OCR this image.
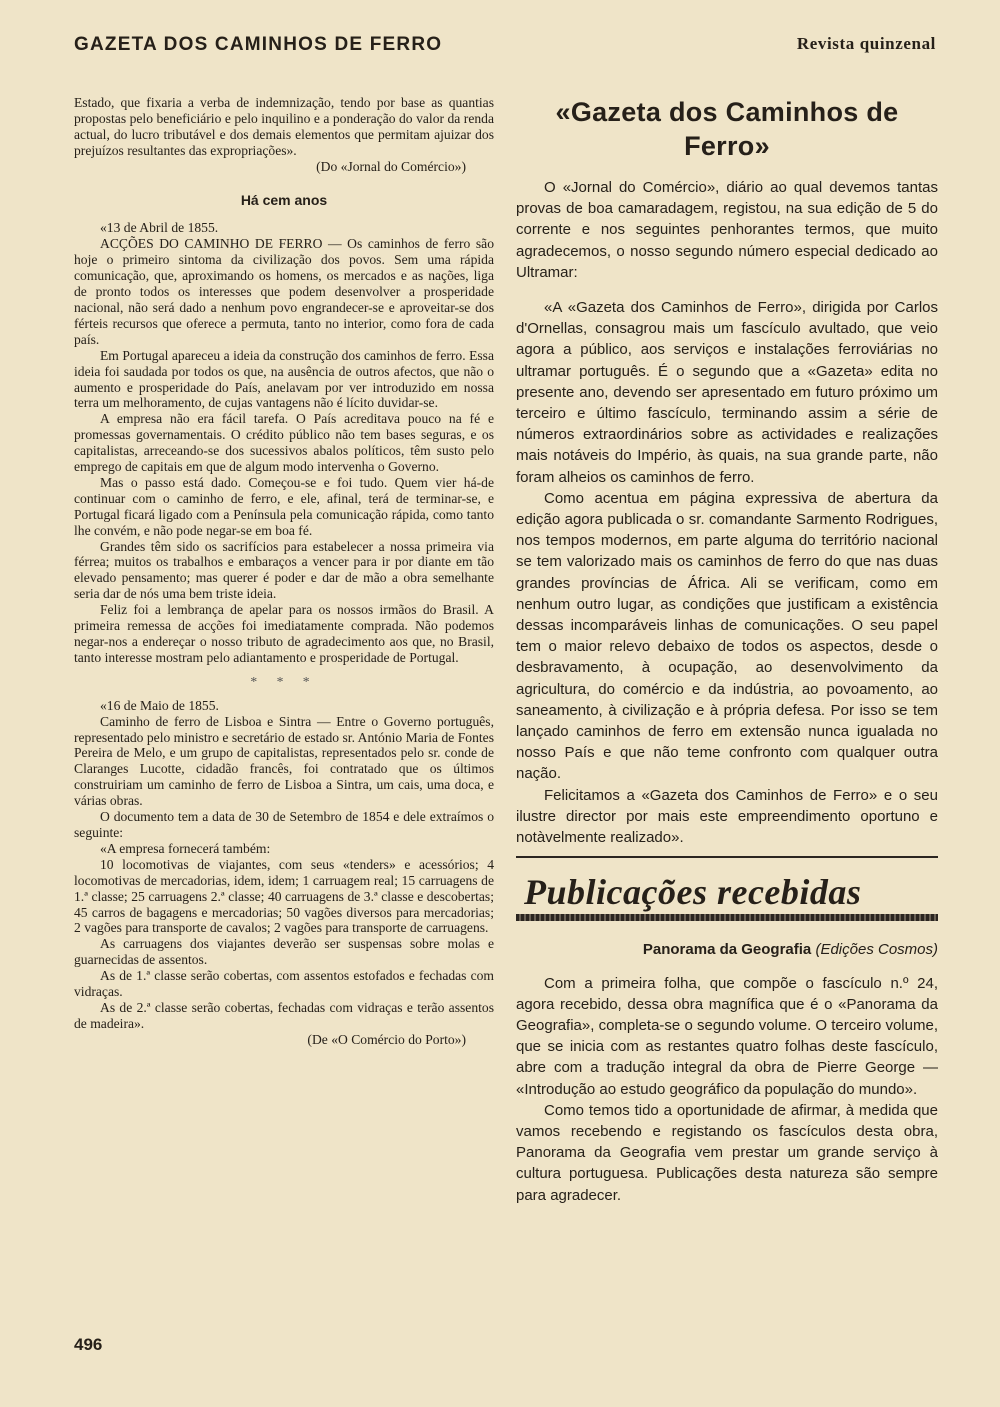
GAZETA DOS CAMINHOS DE FERRO	Revista quinzenal

Estado, que fixaria a verba de indemnização, tendo por base as quantias propostas pelo beneficiário e pelo inquilino e a ponderação do valor da renda actual, do lucro tributável e dos demais elementos que permitam ajuizar dos prejuízos resultantes das expropriações».

(Do «Jornal do Comércio»)

Há cem anos

«13 de Abril de 1855.

ACÇÕES DO CAMINHO DE FERRO — Os caminhos de ferro são hoje o primeiro sintoma da civilização dos povos. Sem uma rápida comunicação, que, aproximando os homens, os mercados e as nações, liga de pronto todos os interesses que podem desenvolver a prosperidade nacional, não será dado a nenhum povo engrandecer-se e aproveitar-se dos férteis recursos que oferece a permuta, tanto no interior, como fora de cada país.

Em Portugal apareceu a ideia da construção dos caminhos de ferro. Essa ideia foi saudada por todos os que, na ausência de outros afectos, que não o aumento e prosperidade do País, anelavam por ver introduzido em nossa terra um melhoramento, de cujas vantagens não é lícito duvidar-se.

A empresa não era fácil tarefa. O País acreditava pouco na fé e promessas governamentais. O crédito público não tem bases seguras, e os capitalistas, arreceando-se dos sucessivos abalos políticos, têm susto pelo emprego de capitais em que de algum modo intervenha o Governo.

Mas o passo está dado. Começou-se e foi tudo. Quem vier há-de continuar com o caminho de ferro, e ele, afinal, terá de terminar-se, e Portugal ficará ligado com a Península pela comunicação rápida, como tanto lhe convém, e não pode negar-se em boa fé.

Grandes têm sido os sacrifícios para estabelecer a nossa primeira via férrea; muitos os trabalhos e embaraços a vencer para ir por diante em tão elevado pensamento; mas querer é poder e dar de mão a obra semelhante seria dar de nós uma bem triste ideia.

Feliz foi a lembrança de apelar para os nossos irmãos do Brasil. A primeira remessa de acções foi imediatamente comprada. Não podemos negar-nos a endereçar o nosso tributo de agradecimento aos que, no Brasil, tanto interesse mostram pelo adiantamento e prosperidade de Portugal.

* * *

«16 de Maio de 1855.

Caminho de ferro de Lisboa e Sintra — Entre o Governo português, representado pelo ministro e secretário de estado sr. António Maria de Fontes Pereira de Melo, e um grupo de capitalistas, representados pelo sr. conde de Claranges Lucotte, cidadão francês, foi contratado que os últimos construiriam um caminho de ferro de Lisboa a Sintra, um cais, uma doca, e várias obras.

O documento tem a data de 30 de Setembro de 1854 e dele extraímos o seguinte:

«A empresa fornecerá também:

10 locomotivas de viajantes, com seus «tenders» e acessórios; 4 locomotivas de mercadorias, idem, idem; 1 carruagem real; 15 carruagens de 1.ª classe; 25 carruagens 2.ª classe; 40 carruagens de 3.ª classe e descobertas; 45 carros de bagagens e mercadorias; 50 vagões diversos para mercadorias; 2 vagões para transporte de cavalos; 2 vagões para transporte de carruagens.

As carruagens dos viajantes deverão ser suspensas sobre molas e guarnecidas de assentos.

As de 1.ª classe serão cobertas, com assentos estofados e fechadas com vidraças.

As de 2.ª classe serão cobertas, fechadas com vidraças e terão assentos de madeira».

(De «O Comércio do Porto»)

«Gazeta dos Caminhos de Ferro»

O «Jornal do Comércio», diário ao qual devemos tantas provas de boa camaradagem, registou, na sua edição de 5 do corrente e nos seguintes penhorantes termos, que muito agradecemos, o nosso segundo número especial dedicado ao Ultramar:

«A «Gazeta dos Caminhos de Ferro», dirigida por Carlos d'Ornellas, consagrou mais um fascículo avultado, que veio agora a público, aos serviços e instalações ferroviárias no ultramar português. É o segundo que a «Gazeta» edita no presente ano, devendo ser apresentado em futuro próximo um terceiro e último fascículo, terminando assim a série de números extraordinários sobre as actividades e realizações mais notáveis do Império, às quais, na sua grande parte, não foram alheios os caminhos de ferro.

Como acentua em página expressiva de abertura da edição agora publicada o sr. comandante Sarmento Rodrigues, nos tempos modernos, em parte alguma do território nacional se tem valorizado mais os caminhos de ferro do que nas duas grandes províncias de África. Ali se verificam, como em nenhum outro lugar, as condições que justificam a existência dessas incomparáveis linhas de comunicações. O seu papel tem o maior relevo debaixo de todos os aspectos, desde o desbravamento, à ocupação, ao desenvolvimento da agricultura, do comércio e da indústria, ao povoamento, ao saneamento, à civilização e à própria defesa. Por isso se tem lançado caminhos de ferro em extensão nunca igualada no nosso País e que não teme confronto com qualquer outra nação.

Felicitamos a «Gazeta dos Caminhos de Ferro» e o seu ilustre director por mais este empreendimento oportuno e notàvelmente realizado».

Publicações recebidas
Panorama da Geografia (Edições Cosmos)

Com a primeira folha, que compõe o fascículo n.º 24, agora recebido, dessa obra magnífica que é o «Panorama da Geografia», completa-se o segundo volume. O terceiro volume, que se inicia com as restantes quatro folhas deste fascículo, abre com a tradução integral da obra de Pierre George — «Introdução ao estudo geográfico da população do mundo».

Como temos tido a oportunidade de afirmar, à medida que vamos recebendo e registando os fascículos desta obra, Panorama da Geografia vem prestar um grande serviço à cultura portuguesa. Publicações desta natureza são sempre para agradecer.

496
